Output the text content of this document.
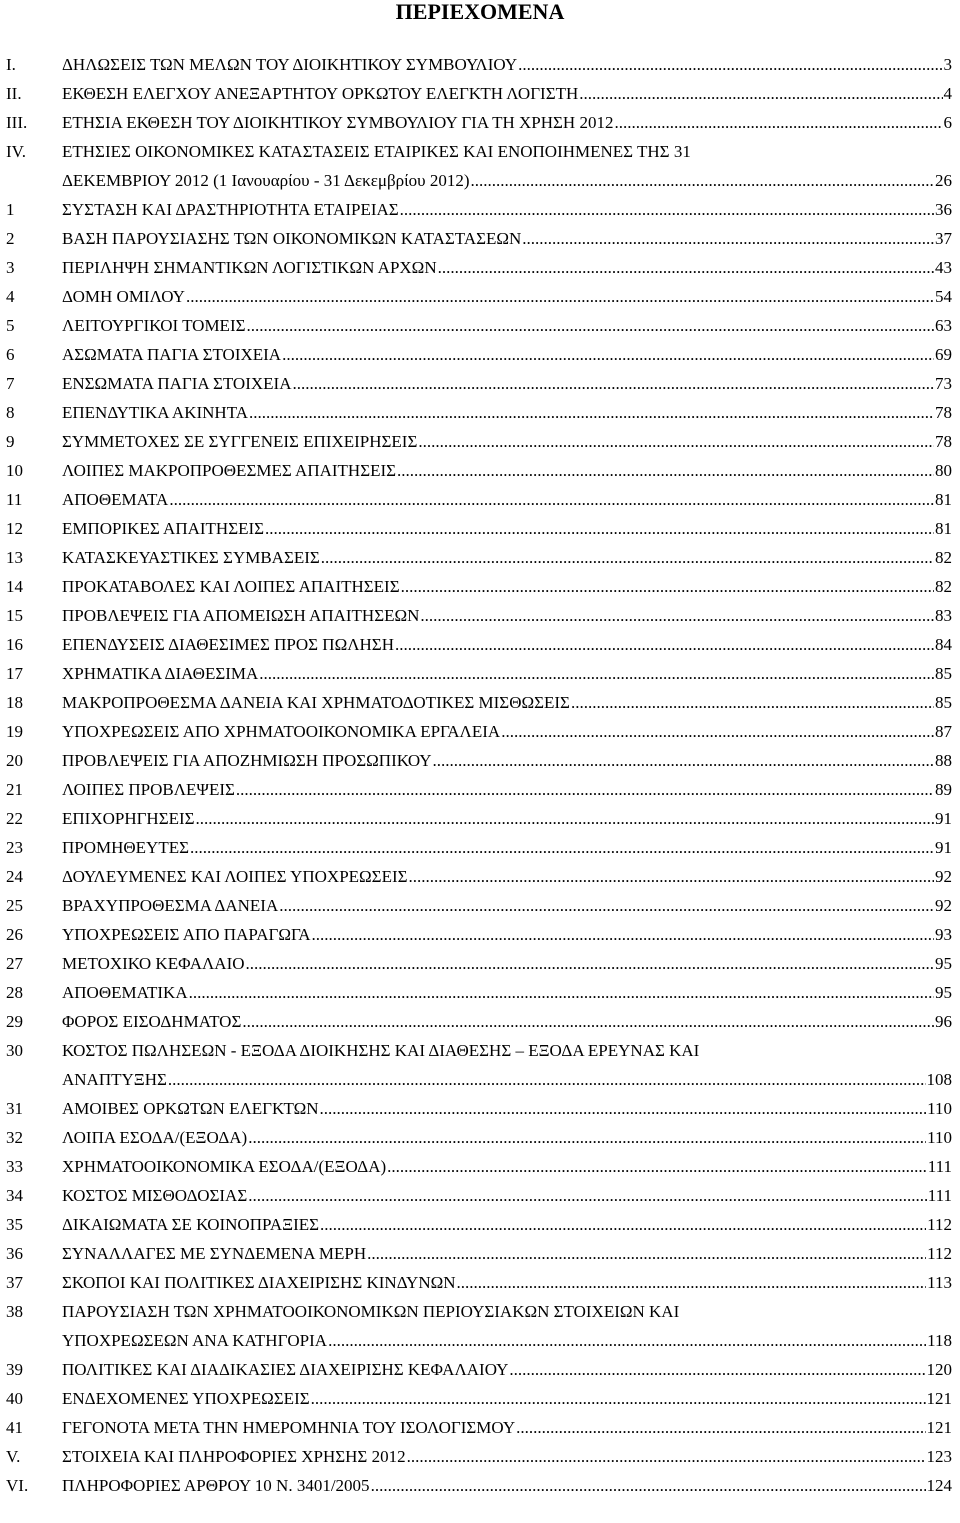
ΠΕΡΙΕΧΟΜΕΝΑ
I.	ΔΗΛΩΣΕΙΣ ΤΩΝ ΜΕΛΩΝ ΤΟΥ ΔΙΟΙΚΗΤΙΚΟΥ ΣΥΜΒΟΥΛΙΟΥ .....	3
II. ΕΚΘΕΣΗ ΕΛΕΓΧΟΥ ΑΝΕΞΑΡΤΗΤΟΥ ΟΡΚΩΤΟΥ ΕΛΕΓΚΤΗ ΛΟΓΙΣΤΗ .....	4
III. ΕΤΗΣΙΑ ΕΚΘΕΣΗ ΤΟΥ ΔΙΟΙΚΗΤΙΚΟΥ ΣΥΜΒΟΥΛΙΟΥ ΓΙΑ ΤΗ ΧΡΗΣΗ 2012 .....	6
IV. ΕΤΗΣΙΕΣ ΟΙΚΟΝΟΜΙΚΕΣ ΚΑΤΑΣΤΑΣΕΙΣ ΕΤΑΙΡΙΚΕΣ ΚΑΙ ΕΝΟΠΟΙΗΜΕΝΕΣ ΤΗΣ 31
ΔΕΚΕΜΒΡΙΟΥ 2012 (1 Ιανουαρίου - 31 Δεκεμβρίου 2012) .....	26
1	ΣΥΣΤΑΣΗ ΚΑΙ ΔΡΑΣΤΗΡΙΟΤΗΤΑ ΕΤΑΙΡΕΙΑΣ .....	36
2	ΒΑΣΗ ΠΑΡΟΥΣΙΑΣΗΣ ΤΩΝ ΟΙΚΟΝΟΜΙΚΩΝ ΚΑΤΑΣΤΑΣΕΩΝ .....	37
3	ΠΕΡΙΛΗΨΗ ΣΗΜΑΝΤΙΚΩΝ ΛΟΓΙΣΤΙΚΩΝ ΑΡΧΩΝ .....	43
4	ΔΟΜΗ ΟΜΙΛΟΥ .....	54
5	ΛΕΙΤΟΥΡΓΙΚΟΙ ΤΟΜΕΙΣ .....	63
6	ΑΣΩΜΑΤΑ ΠΑΓΙΑ ΣΤΟΙΧΕΙΑ .....	69
7	ΕΝΣΩΜΑΤΑ ΠΑΓΙΑ ΣΤΟΙΧΕΙΑ .....	73
8	ΕΠΕΝΔΥΤΙΚΑ ΑΚΙΝΗΤΑ .....	78
9	ΣΥΜΜΕΤΟΧΕΣ ΣΕ ΣΥΓΓΕΝΕΙΣ ΕΠΙΧΕΙΡΗΣΕΙΣ .....	78
10 ΛΟΙΠΕΣ ΜΑΚΡΟΠΡΟΘΕΣΜΕΣ ΑΠΑΙΤΗΣΕΙΣ .....	80
11 ΑΠΟΘΕΜΑΤΑ .....	81
12 ΕΜΠΟΡΙΚΕΣ ΑΠΑΙΤΗΣΕΙΣ .....	81
13 ΚΑΤΑΣΚΕΥΑΣΤΙΚΕΣ ΣΥΜΒΑΣΕΙΣ .....	82
14 ΠΡΟΚΑΤΑΒΟΛΕΣ ΚΑΙ ΛΟΙΠΕΣ ΑΠΑΙΤΗΣΕΙΣ .....	82
15 ΠΡΟΒΛΕΨΕΙΣ ΓΙΑ ΑΠΟΜΕΙΩΣΗ ΑΠΑΙΤΗΣΕΩΝ .....	83
16 ΕΠΕΝΔΥΣΕΙΣ ΔΙΑΘΕΣΙΜΕΣ ΠΡΟΣ ΠΩΛΗΣΗ .....	84
17 ΧΡΗΜΑΤΙΚΑ ΔΙΑΘΕΣΙΜΑ .....	85
18 ΜΑΚΡΟΠΡΟΘΕΣΜΑ ΔΑΝΕΙΑ ΚΑΙ ΧΡΗΜΑΤΟΔΟΤΙΚΕΣ ΜΙΣΘΩΣΕΙΣ .....	85
19 ΥΠΟΧΡΕΩΣΕΙΣ ΑΠΟ ΧΡΗΜΑΤΟΟΙΚΟΝΟΜΙΚΑ ΕΡΓΑΛΕΙΑ .....	87
20 ΠΡΟΒΛΕΨΕΙΣ ΓΙΑ ΑΠΟΖΗΜΙΩΣΗ ΠΡΟΣΩΠΙΚΟΥ .....	88
21 ΛΟΙΠΕΣ ΠΡΟΒΛΕΨΕΙΣ .....	89
22 ΕΠΙΧΟΡΗΓΗΣΕΙΣ .....	91
23 ΠΡΟΜΗΘΕΥΤΕΣ .....	91
24 ΔΟΥΛΕΥΜΕΝΕΣ ΚΑΙ ΛΟΙΠΕΣ ΥΠΟΧΡΕΩΣΕΙΣ .....	92
25 ΒΡΑΧΥΠΡΟΘΕΣΜΑ ΔΑΝΕΙΑ .....	92
26 ΥΠΟΧΡΕΩΣΕΙΣ ΑΠΟ ΠΑΡΑΓΩΓΑ .....	93
27 ΜΕΤΟΧΙΚΟ ΚΕΦΑΛΑΙΟ .....	95
28 ΑΠΟΘΕΜΑΤΙΚΑ .....	95
29 ΦΟΡΟΣ ΕΙΣΟΔΗΜΑΤΟΣ .....	96
30 ΚΟΣΤΟΣ ΠΩΛΗΣΕΩΝ - ΕΞΟΔΑ ΔΙΟΙΚΗΣΗΣ ΚΑΙ ΔΙΑΘΕΣΗΣ – ΕΞΟΔΑ ΕΡΕΥΝΑΣ ΚΑΙ
ΑΝΑΠΤΥΞΗΣ .....	108
31 ΑΜΟΙΒΕΣ ΟΡΚΩΤΩΝ ΕΛΕΓΚΤΩΝ .....	110
32 ΛΟΙΠΑ ΕΣΟΔΑ/(ΕΞΟΔΑ) .....	110
33 ΧΡΗΜΑΤΟΟΙΚΟΝΟΜΙΚΑ ΕΣΟΔΑ/(ΕΞΟΔΑ) .....	111
34 ΚΟΣΤΟΣ ΜΙΣΘΟΔΟΣΙΑΣ .....	111
35 ΔΙΚΑΙΩΜΑΤΑ ΣΕ ΚΟΙΝΟΠΡΑΞΙΕΣ .....	112
36 ΣΥΝΑΛΛΑΓΕΣ ΜΕ ΣΥΝΔΕΜΕΝΑ ΜΕΡΗ .....	112
37 ΣΚΟΠΟΙ ΚΑΙ ΠΟΛΙΤΙΚΕΣ ΔΙΑΧΕΙΡΙΣΗΣ ΚΙΝΔΥΝΩΝ .....	113
38 ΠΑΡΟΥΣΙΑΣΗ ΤΩΝ ΧΡΗΜΑΤΟΟΙΚΟΝΟΜΙΚΩΝ ΠΕΡΙΟΥΣΙΑΚΩΝ ΣΤΟΙΧΕΙΩΝ ΚΑΙ
ΥΠΟΧΡΕΩΣΕΩΝ ΑΝΑ ΚΑΤΗΓΟΡΙΑ .....	118
39 ΠΟΛΙΤΙΚΕΣ ΚΑΙ ΔΙΑΔΙΚΑΣΙΕΣ ΔΙΑΧΕΙΡΙΣΗΣ ΚΕΦΑΛΑΙΟΥ .....	120
40 ΕΝΔΕΧΟΜΕΝΕΣ ΥΠΟΧΡΕΩΣΕΙΣ .....	121
41 ΓΕΓΟΝΟΤΑ ΜΕΤΑ ΤΗΝ ΗΜΕΡΟΜΗΝΙΑ ΤΟΥ ΙΣΟΛΟΓΙΣΜΟΥ .....	121
V. ΣΤΟΙΧΕΙΑ ΚΑΙ ΠΛΗΡΟΦΟΡΙΕΣ ΧΡΗΣΗΣ 2012 .....	123
VI. ΠΛΗΡΟΦΟΡΙΕΣ ΑΡΘΡΟΥ 10 Ν. 3401/2005 .....	124
